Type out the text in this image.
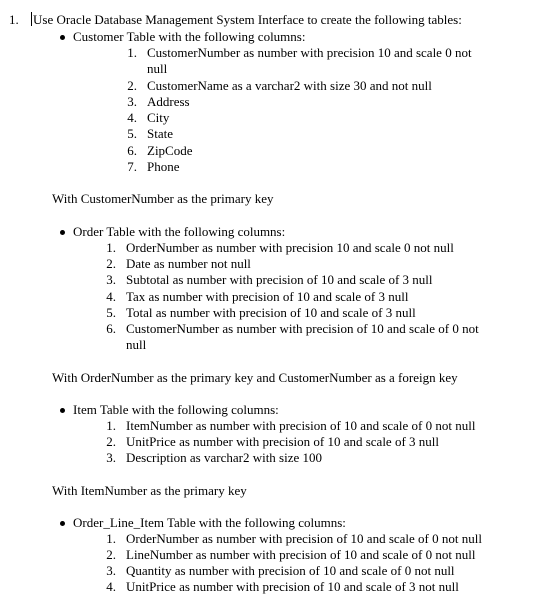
1. Use Oracle Database Management System Interface to create the following tables:
Customer Table with the following columns:
1. CustomerNumber as number with precision 10 and scale 0 not
null
2. CustomerName as a varchar2 with size 30 and not null
3. Address
4. City
5. State
6. ZipCode
7. Phone
With CustomerNumber as the primary key
Order Table with the following columns:
1. OrderNumber as number with precision 10 and scale 0 not null
2. Date as number not null
3. Subtotal as number with precision of 10 and scale of 3 null
4. Tax as number with precision of 10 and scale of 3 null
5. Total as number with precision of 10 and scale of 3 null
6. CustomerNumber as number with precision of 10 and scale of 0 not
null
With OrderNumber as the primary key and CustomerNumber as a foreign key
Item Table with the following columns:
1. ItemNumber as number with precision of 10 and scale of 0 not null
2. UnitPrice as number with precision of 10 and scale of 3 null
3. Description as varchar2 with size 100
With ItemNumber as the primary key
Order_Line_Item Table with the following columns:
1. OrderNumber as number with precision of 10 and scale of 0 not null
2. LineNumber as number with precision of 10 and scale of 0 not null
3. Quantity as number with precision of 10 and scale of 0 not null
4. UnitPrice as number with precision of 10 and scale of 3 not null
